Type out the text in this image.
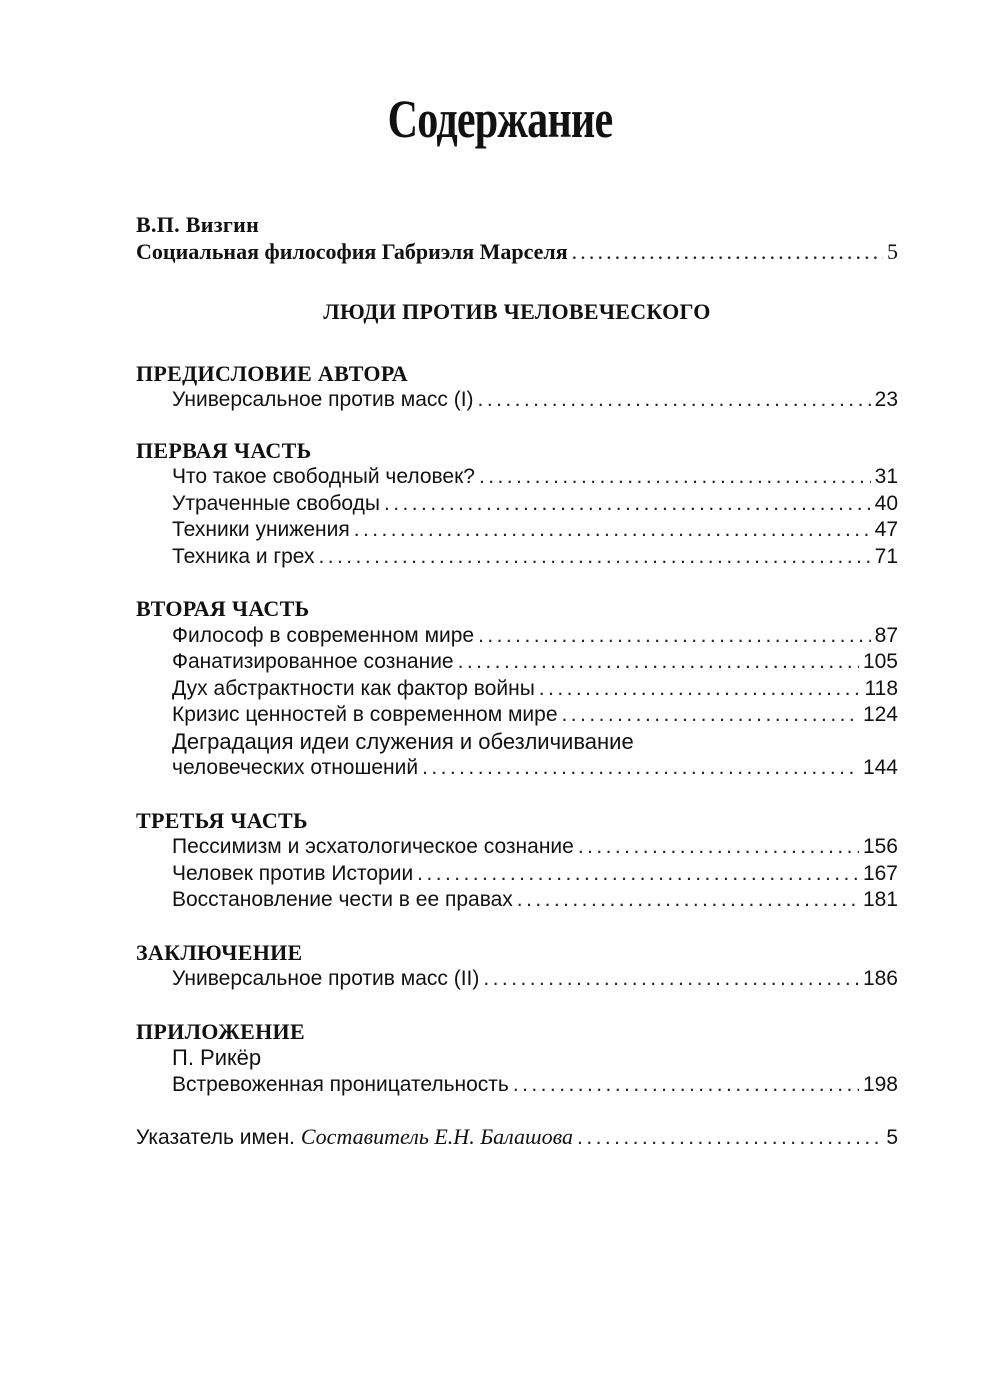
Содержание
В.П. Визгин
Социальная философия Габриэля Марселя . . .	5
ЛЮДИ ПРОТИВ ЧЕЛОВЕЧЕСКОГО
ПРЕДИСЛОВИЕ АВТОРА
Универсальное против масс (I) . . .	23
ПЕРВАЯ ЧАСТЬ
Что такое свободный человек? . . .	31
Утраченные свободы . . .	40
Техники унижения . . .	47
Техника и грех . . .	71
ВТОРАЯ ЧАСТЬ
Философ в современном мире . . .	87
Фанатизированное сознание . . .	105
Дух абстрактности как фактор войны . . .	118
Кризис ценностей в современном мире . . .	124
Деградация идеи служения и обезличивание
человеческих отношений . . .	144
ТРЕТЬЯ ЧАСТЬ
Пессимизм и эсхатологическое сознание . . .	156
Человек против Истории . . .	167
Восстановление чести в ее правах . . .	181
ЗАКЛЮЧЕНИЕ
Универсальное против масс (II) . . .	186
ПРИЛОЖЕНИЕ
П. Рикёр
Встревоженная проницательность . . .	198
Указатель имен. Составитель Е.Н. Балашова . . .	5
